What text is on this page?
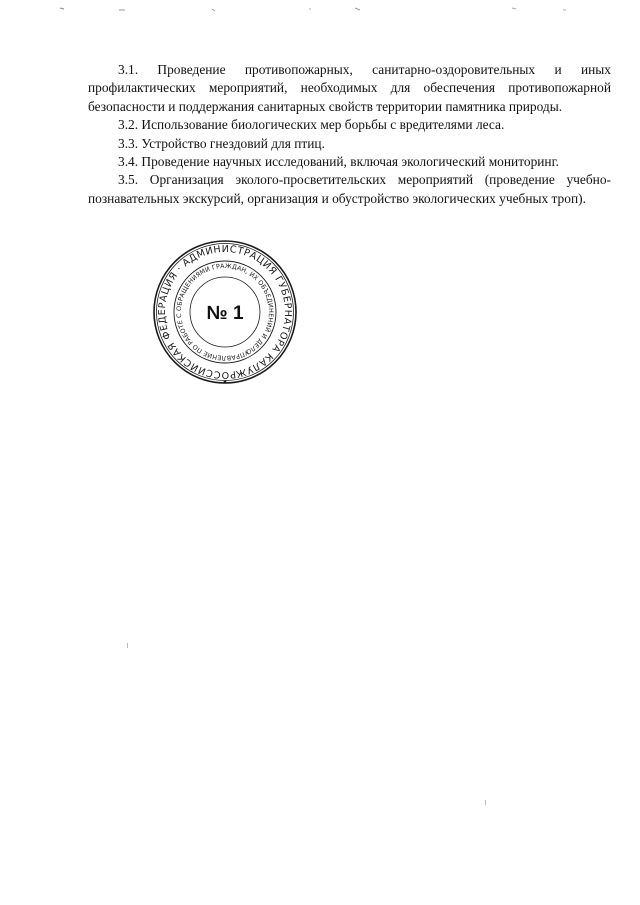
3.1. Проведение противопожарных, санитарно-оздоровительных и иных профилактических мероприятий, необходимых для обеспечения противопожарной безопасности и поддержания санитарных свойств территории памятника природы.

3.2. Использование биологических мер борьбы с вредителями леса.

3.3. Устройство гнездовий для птиц.

3.4. Проведение научных исследований, включая экологический мониторинг.

3.5. Организация эколого-просветительских мероприятий (проведение учебно-познавательных экскурсий, организация и обустройство экологических учебных троп).

РОССИЙСКАЯ ФЕДЕРАЦИЯ · АДМИНИСТРАЦИЯ ГУБЕРНАТОРА КАЛУЖСКОЙ
УПРАВЛЕНИЕ ПО РАБОТЕ С ОБРАЩЕНИЯМИ ГРАЖДАН, ИХ ОБЪЕДИНЕНИЙ И ДЕЛОПРОИЗВОДСТВА
№ 1
